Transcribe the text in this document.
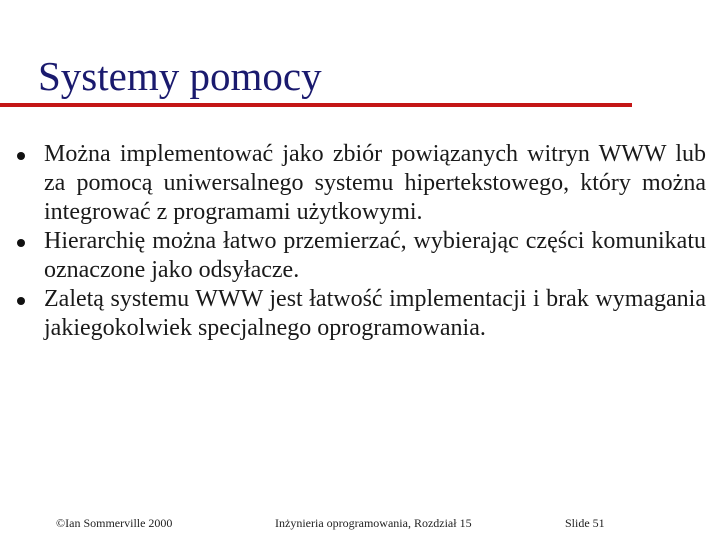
Systemy pomocy
Można implementować jako zbiór powiązanych witryn WWW lub za pomocą uniwersalnego systemu hipertekstowego, który można integrować z programami użytkowymi.
Hierarchię można łatwo przemierzać, wybierając części komunikatu oznaczone jako odsyłacze.
Zaletą systemu WWW jest łatwość implementacji i brak wymagania jakiegokolwiek specjalnego oprogramowania.
©Ian Sommerville 2000	Inżynieria oprogramowania, Rozdział 15	Slide 51
